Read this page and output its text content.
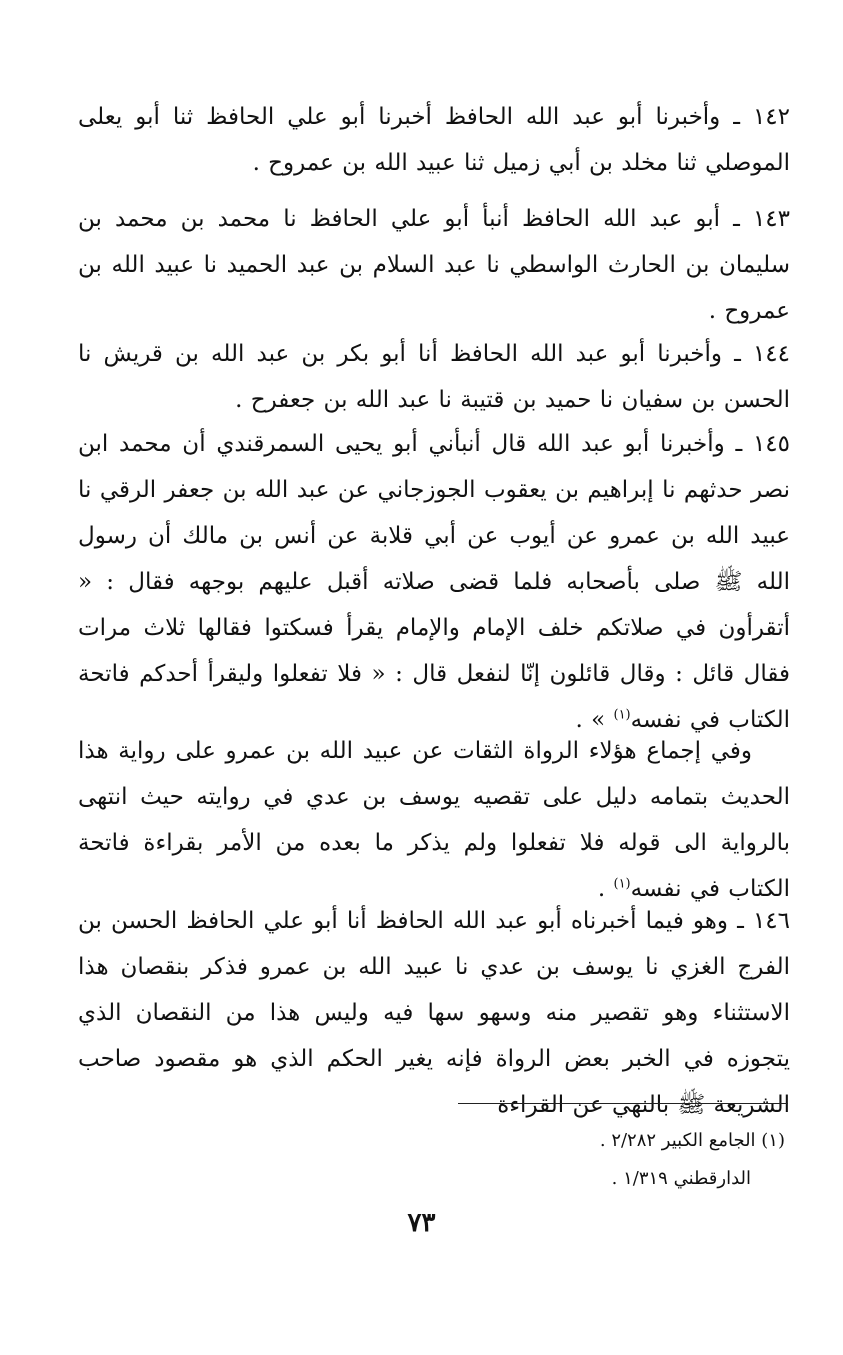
١٤٢ ـ وأخبرنا أبو عبد الله الحافظ أخبرنا أبو علي الحافظ ثنا أبو يعلى الموصلي ثنا مخلد بن أبي زميل ثنا عبيد الله بن عمروح .

١٤٣ ـ أبو عبد الله الحافظ أنبأ أبو علي الحافظ نا محمد بن محمد بن سليمان بن الحارث الواسطي نا عبد السلام بن عبد الحميد نا عبيد الله بن عمروح .

١٤٤ ـ وأخبرنا أبو عبد الله الحافظ أنا أبو بكر بن عبد الله بن قريش نا الحسن بن سفيان نا حميد بن قتيبة نا عبد الله بن جعفرح .

١٤٥ ـ وأخبرنا أبو عبد الله قال أنبأني أبو يحيى السمرقندي أن محمد ابن نصر حدثهم نا إبراهيم بن يعقوب الجوزجاني عن عبد الله بن جعفر الرقي نا عبيد الله بن عمرو عن أيوب عن أبي قلابة عن أنس بن مالك أن رسول الله ﷺ صلى بأصحابه فلما قضى صلاته أقبل عليهم بوجهه فقال : « أتقرأون في صلاتكم خلف الإمام والإمام يقرأ فسكتوا فقالها ثلاث مرات فقال قائل : وقال قائلون إنّا لنفعل قال : « فلا تفعلوا وليقرأ أحدكم فاتحة الكتاب في نفسه$^{(١)}$ » .

وفي إجماع هؤلاء الرواة الثقات عن عبيد الله بن عمرو على رواية هذا الحديث بتمامه دليل على تقصيه يوسف بن عدي في روايته حيث انتهى بالرواية الى قوله فلا تفعلوا ولم يذكر ما بعده من الأمر بقراءة فاتحة الكتاب في نفسه$^{(١)}$ .

١٤٦ ـ وهو فيما أخبرناه أبو عبد الله الحافظ أنا أبو علي الحافظ الحسن بن الفرج الغزي نا يوسف بن عدي نا عبيد الله بن عمرو فذكر بنقصان هذا الاستثناء وهو تقصير منه وسهو سها فيه وليس هذا من النقصان الذي يتجوزه في الخبر بعض الرواة فإنه يغير الحكم الذي هو مقصود صاحب الشريعة ﷺ بالنهي عن القراءة

(١) الجامع الكبير ٢/٢٨٢ .
الدارقطني ١/٣١٩ .
٧٣
